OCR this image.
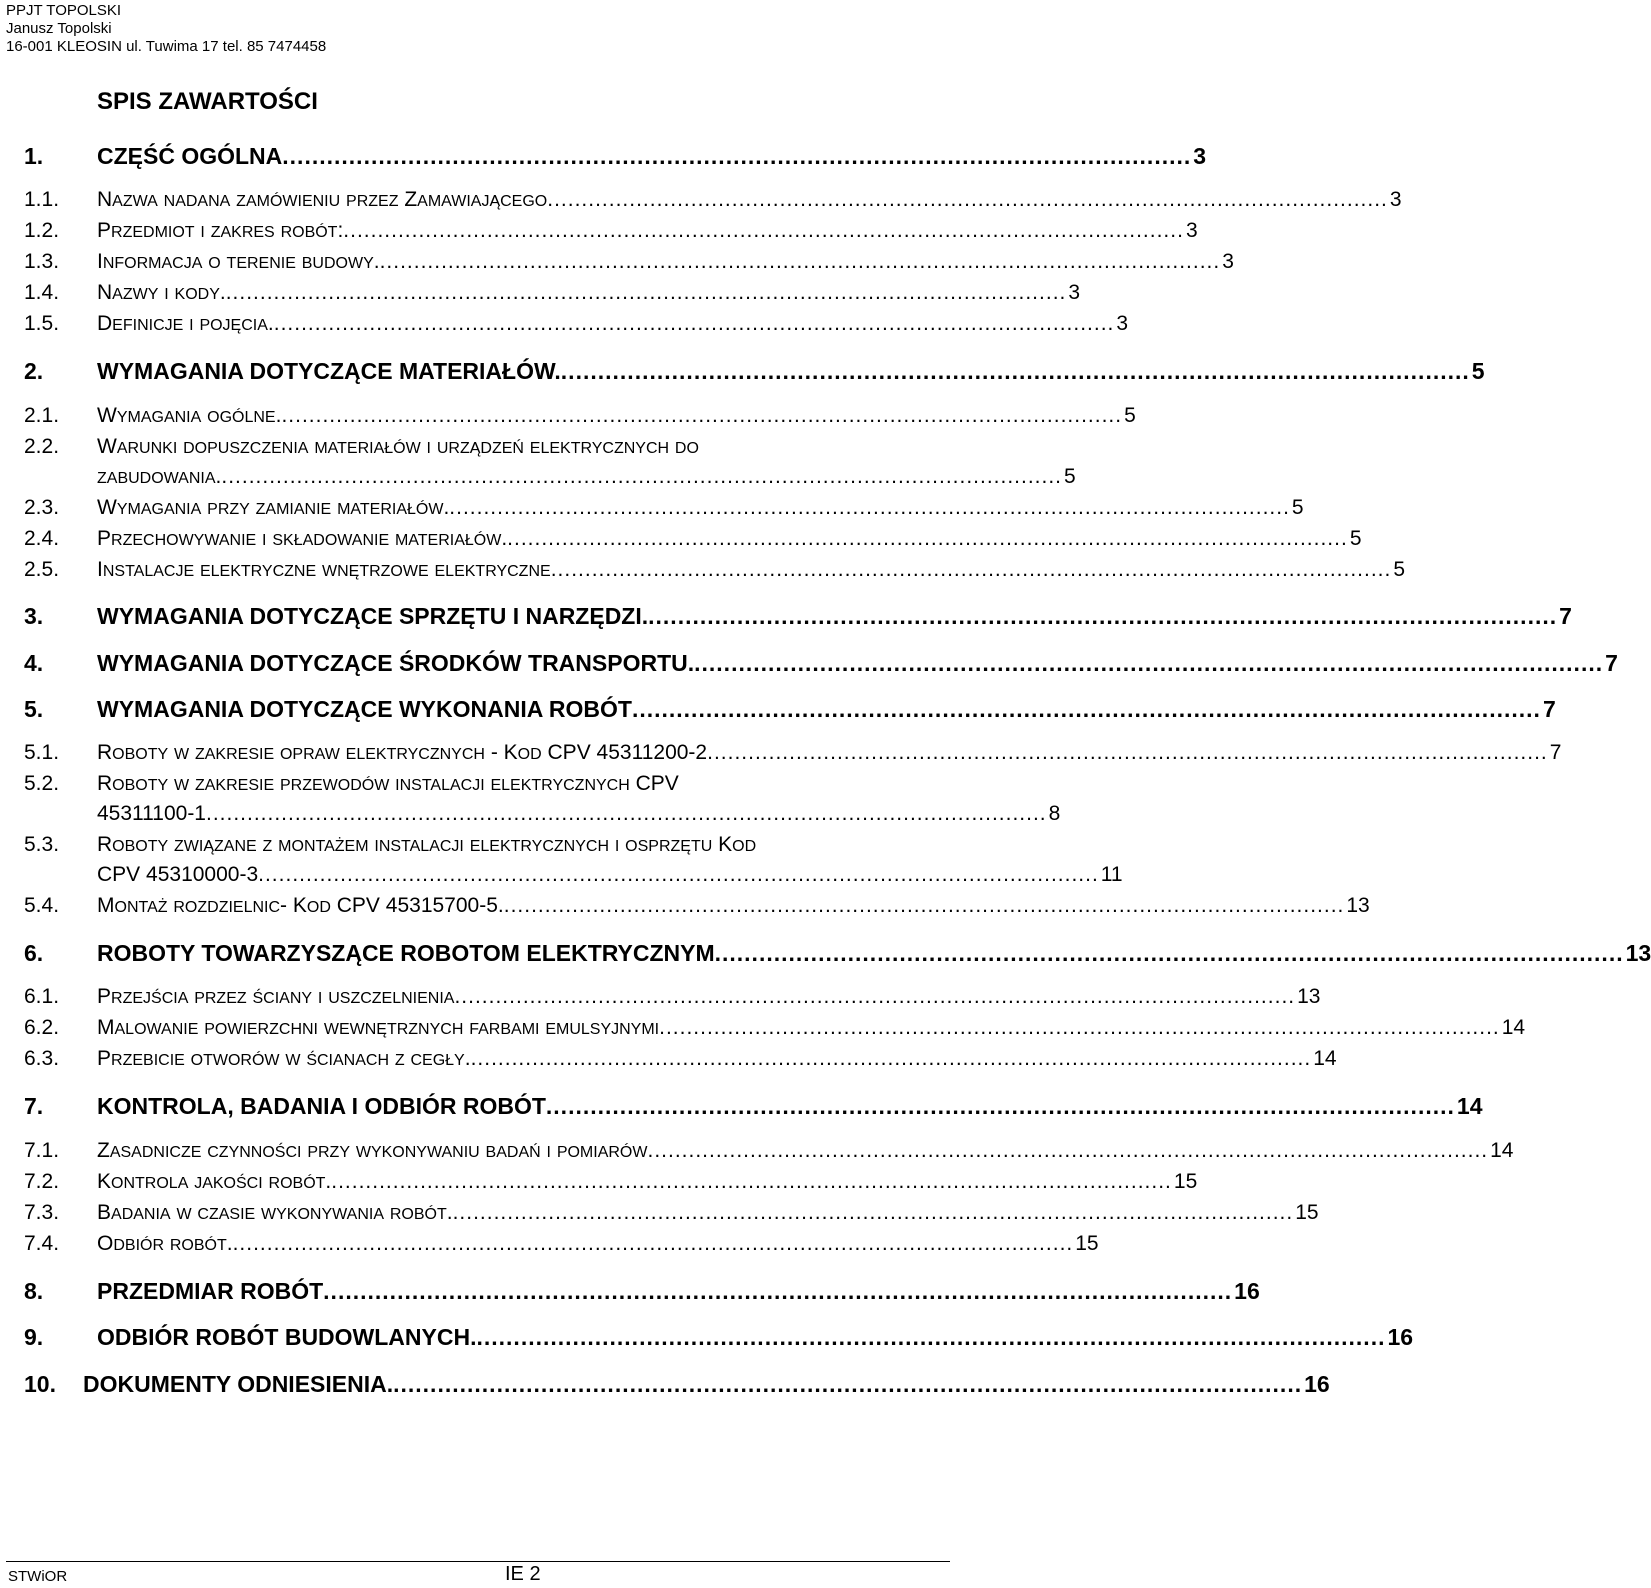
PPJT TOPOLSKI
Janusz Topolski
16-001 KLEOSIN ul. Tuwima 17 tel. 85 7474458
SPIS ZAWARTOŚCI
1.	CZĘŚĆ OGÓLNA ........................................................................................................................... 3
1.1.	NAZWA NADANA ZAMÓWIENIU PRZEZ ZAMAWIAJĄCEGO ........................................................................................................................... 3
1.2.	PRZEDMIOT I ZAKRES ROBÓT: ........................................................................................................................... 3
1.3.	INFORMACJA O TERENIE BUDOWY. ........................................................................................................................... 3
1.4.	NAZWY I KODY. ........................................................................................................................... 3
1.5.	DEFINICJE I POJĘCIA. ........................................................................................................................... 3
2.	WYMAGANIA DOTYCZĄCE MATERIAŁÓW. ........................................................................................................................... 5
2.1.	WYMAGANIA OGÓLNE. ........................................................................................................................... 5
2.2.	WARUNKI DOPUSZCZENIA MATERIAŁÓW I URZĄDZEŃ ELEKTRYCZNYCH DO
ZABUDOWANIA. ........................................................................................................................... 5
2.3.	WYMAGANIA PRZY ZAMIANIE MATERIAŁÓW. ........................................................................................................................... 5
2.4.	PRZECHOWYWANIE I SKŁADOWANIE MATERIAŁÓW. ........................................................................................................................... 5
2.5.	INSTALACJE ELEKTRYCZNE WNĘTRZOWE ELEKTRYCZNE ........................................................................................................................... 5
3.	WYMAGANIA DOTYCZĄCE SPRZĘTU I NARZĘDZI. ........................................................................................................................... 7
4.	WYMAGANIA DOTYCZĄCE ŚRODKÓW TRANSPORTU. ........................................................................................................................... 7
5.	WYMAGANIA DOTYCZĄCE WYKONANIA ROBÓT ........................................................................................................................... 7
5.1.	ROBOTY W ZAKRESIE OPRAW ELEKTRYCZNYCH - KOD CPV 45311200-2 ........................................................................................................................... 7
5.2.	ROBOTY W ZAKRESIE PRZEWODÓW INSTALACJI ELEKTRYCZNYCH CPV
45311100-1 ........................................................................................................................... 8
5.3.	ROBOTY ZWIĄZANE Z MONTAŻEM INSTALACJI ELEKTRYCZNYCH I OSPRZĘTU KOD
CPV 45310000-3 ........................................................................................................................... 11
5.4.	MONTAŻ ROZDZIELNIC- KOD CPV 45315700-5. ........................................................................................................................... 13
6.	ROBOTY TOWARZYSZĄCE ROBOTOM ELEKTRYCZNYM ........................................................................................................................... 13
6.1.	PRZEJŚCIA PRZEZ ŚCIANY I USZCZELNIENIA ........................................................................................................................... 13
6.2.	MALOWANIE POWIERZCHNI WEWNĘTRZNYCH FARBAMI EMULSYJNYMI ........................................................................................................................... 14
6.3.	PRZEBICIE OTWORÓW W ŚCIANACH Z CEGŁY. ........................................................................................................................... 14
7.	KONTROLA, BADANIA I ODBIÓR ROBÓT ........................................................................................................................... 14
7.1.	ZASADNICZE CZYNNOŚCI PRZY WYKONYWANIU BADAŃ I POMIARÓW ........................................................................................................................... 14
7.2.	KONTROLA JAKOŚCI ROBÓT. ........................................................................................................................... 15
7.3.	BADANIA W CZASIE WYKONYWANIA ROBÓT. ........................................................................................................................... 15
7.4.	ODBIÓR ROBÓT. ........................................................................................................................... 15
8.	PRZEDMIAR ROBÓT ........................................................................................................................... 16
9.	ODBIÓR ROBÓT BUDOWLANYCH. ........................................................................................................................... 16
10.	DOKUMENTY ODNIESIENIA. ........................................................................................................................... 16
STWiOR	IE 2
